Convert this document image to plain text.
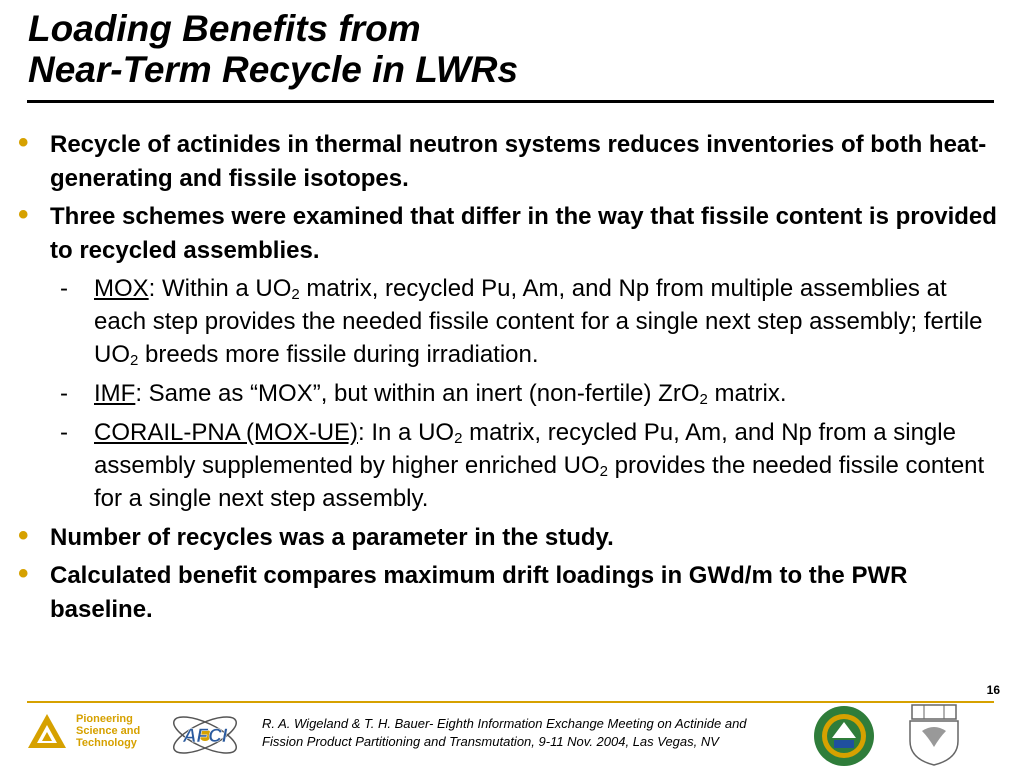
Loading Benefits from
Near-Term Recycle in LWRs
• Recycle of actinides in thermal neutron systems reduces inventories of both heat-generating and fissile isotopes.
• Three schemes were examined that differ in the way that fissile content is provided to recycled assemblies.
- MOX: Within a $UO_2$ matrix, recycled Pu, Am, and Np from multiple assemblies at each step provides the needed fissile content for a single next step assembly; fertile $UO_2$ breeds more fissile during irradiation.
- IMF: Same as “MOX”, but within an inert (non-fertile) ZrO$_2$ matrix.
- CORAIL-PNA (MOX-UE): In a $UO_2$ matrix, recycled Pu, Am, and Np from a single assembly supplemented by higher enriched $UO_2$ provides the needed fissile content for a single next step assembly.
• Number of recycles was a parameter in the study.
• Calculated benefit compares maximum drift loadings in GWd/m to the PWR baseline.
16
Pioneering
Science and
Technology	AFCI
R. A. Wigeland & T. H. Bauer- Eighth Information Exchange Meeting on Actinide and
Fission Product Partitioning and Transmutation, 9-11 Nov. 2004, Las Vegas, NV
